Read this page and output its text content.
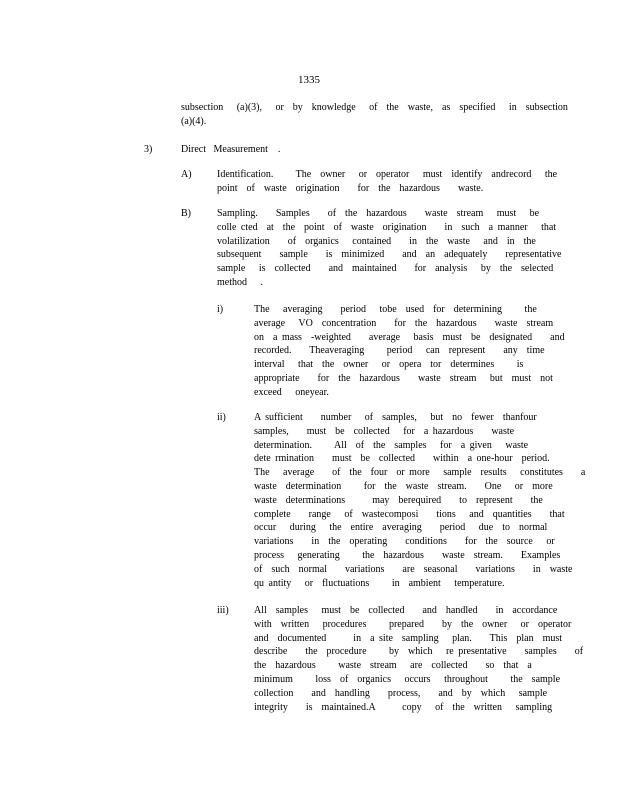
1335
subsection   (a)(3),   or  by  knowledge   of  the  waste,  as  specified   in  subsection
(a)(4).
3)	Direct   Measurement    .
A)	Identification.     The  owner   or  operator   must  identify  andrecord   the
point  of  waste  origination    for  the  hazardous    waste.
B)	Sampling.    Samples    of  the  hazardous    waste  stream   must   be
colle cted  at  the  point  of  waste  origination    in  such  a manner   that
volatilization    of  organics   contained    in  the  waste   and  in  the
subsequent    sample    is  minimized    and  an  adequately    representative
sample   is  collected    and  maintained    for  analysis   by  the  selected
method   .
i)	The   averaging    period   tobe  used  for  determining     the
average   VO  concentration    for  the  hazardous    waste  stream
on  a mass  -weighted    average   basis  must  be  designated    and
recorded.    Theaveraging     period   can  represent    any  time
interval   that  the  owner   or  opera  tor  determines     is
appropriate    for  the  hazardous    waste  stream   but  must  not
exceed   oneyear.
ii)	A sufficient    number   of  samples,   but  no  fewer  thanfour
samples,    must  be  collected   for  a hazardous    waste
determination.     All  of  the  samples   for  a given   waste
dete rmination    must  be  collected    within  a one-hour  period.
The   average    of  the  four  or more   sample  results   constitutes    a
waste  determination     for  the  waste  stream.    One   or  more
waste  determinations      may  berequired    to  represent    the
complete    range   of  wastecomposi    tions   and  quantities    that
occur   during   the  entire  averaging    period   due  to  normal
variations    in  the  operating    conditions    for  the  source   or
process   generating     the  hazardous    waste  stream.    Examples
of  such  normal    variations    are  seasonal    variations    in  waste
qu antity   or  fluctuations     in  ambient   temperature.
iii)	All  samples   must  be  collected    and  handled    in  accordance
with  written   procedures     prepared    by  the  owner   or  operator
and  documented      in  a site  sampling   plan.    This  plan  must
describe    the  procedure     by  which   re presentative    samples    of
the  hazardous     waste  stream   are  collected    so  that  a
minimum     loss  of  organics   occurs   throughout     the  sample
collection    and  handling    process,    and  by  which   sample
integrity    is  maintained.A      copy   of  the  written   sampling
